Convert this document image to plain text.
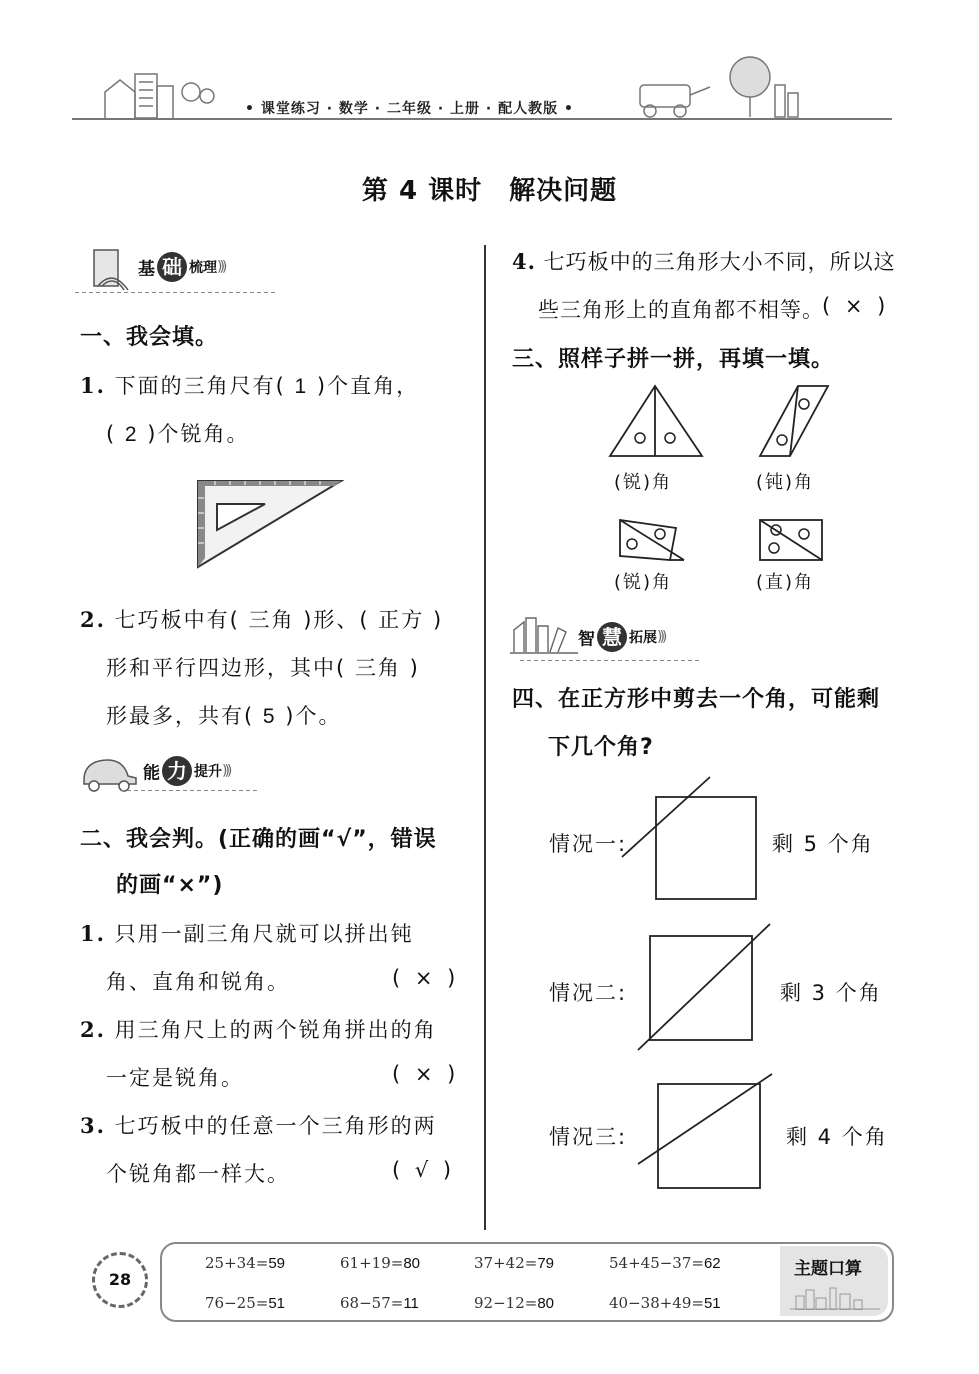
• 课堂练习 · 数学 · 二年级 · 上册 · 配人教版 •
第 4 课时　解决问题
基 础 梳理)))
一、我会填。
1. 下面的三角尺有( 1 )个直角，
( 2 )个锐角。
2. 七巧板中有( 三角 )形、( 正方 )
形和平行四边形，其中( 三角 )
形最多，共有( 5 )个。
能 力 提升)))
二、我会判。(正确的画“√”，错误
的画“×”)
1. 只用一副三角尺就可以拼出钝
角、直角和锐角。	( × )
2. 用三角尺上的两个锐角拼出的角
一定是锐角。	( × )
3. 七巧板中的任意一个三角形的两
个锐角都一样大。	( √ )
4. 七巧板中的三角形大小不同，所以这
些三角形上的直角都不相等。
( × )
三、照样子拼一拼，再填一填。
(锐)角	(钝)角
(锐)角	(直)角
智 慧 拓展)))
四、在正方形中剪去一个角，可能剩
下几个角?
情况一:	剩 5 个角
情况二:	剩 3 个角
情况三:	剩 4 个角
28
25+34=59	61+19=80	37+42=79	54+45−37=62
76−25=51	68−57=11	92−12=80	40−38+49=51
主题口算
